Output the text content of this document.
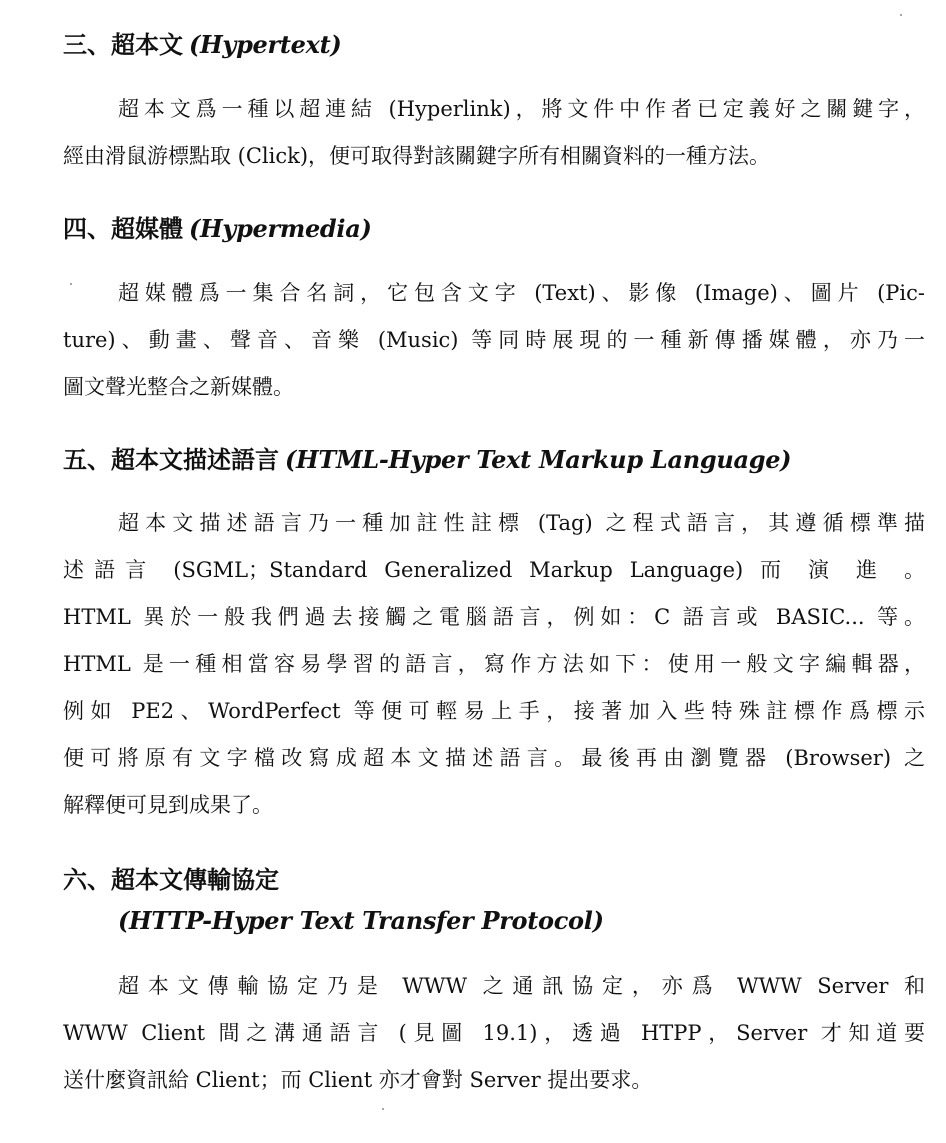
三、超本文 (Hypertext)
超本文爲一種以超連結 (Hyperlink)，將文件中作者已定義好之關鍵字，
經由滑鼠游標點取 (Click)，便可取得對該關鍵字所有相關資料的一種方法。
四、超媒體 (Hypermedia)
超媒體爲一集合名詞，它包含文字 (Text)、影像 (Image)、圖片 (Pic-
ture)、動畫、聲音、音樂 (Music) 等同時展現的一種新傳播媒體，亦乃一
圖文聲光整合之新媒體。
五、超本文描述語言 (HTML-Hyper Text Markup Language)
超本文描述語言乃一種加註性註標 (Tag) 之程式語言，其遵循標準描
述語言 (SGML；Standard Generalized Markup Language) 而 演 進 。
HTML 異於一般我們過去接觸之電腦語言，例如：C 語言或 BASIC... 等。
HTML 是一種相當容易學習的語言，寫作方法如下：使用一般文字編輯器，
例如 PE2、WordPerfect 等便可輕易上手，接著加入些特殊註標作爲標示
便可將原有文字檔改寫成超本文描述語言。最後再由瀏覽器 (Browser) 之
解釋便可見到成果了。
六、超本文傳輸協定
(HTTP-Hyper Text Transfer Protocol)
超本文傳輸協定乃是 WWW 之通訊協定，亦爲 WWW Server 和
WWW Client 間之溝通語言 (見圖 19.1)，透過 HTPP，Server 才知道要
送什麼資訊給 Client；而 Client 亦才會對 Server 提出要求。
